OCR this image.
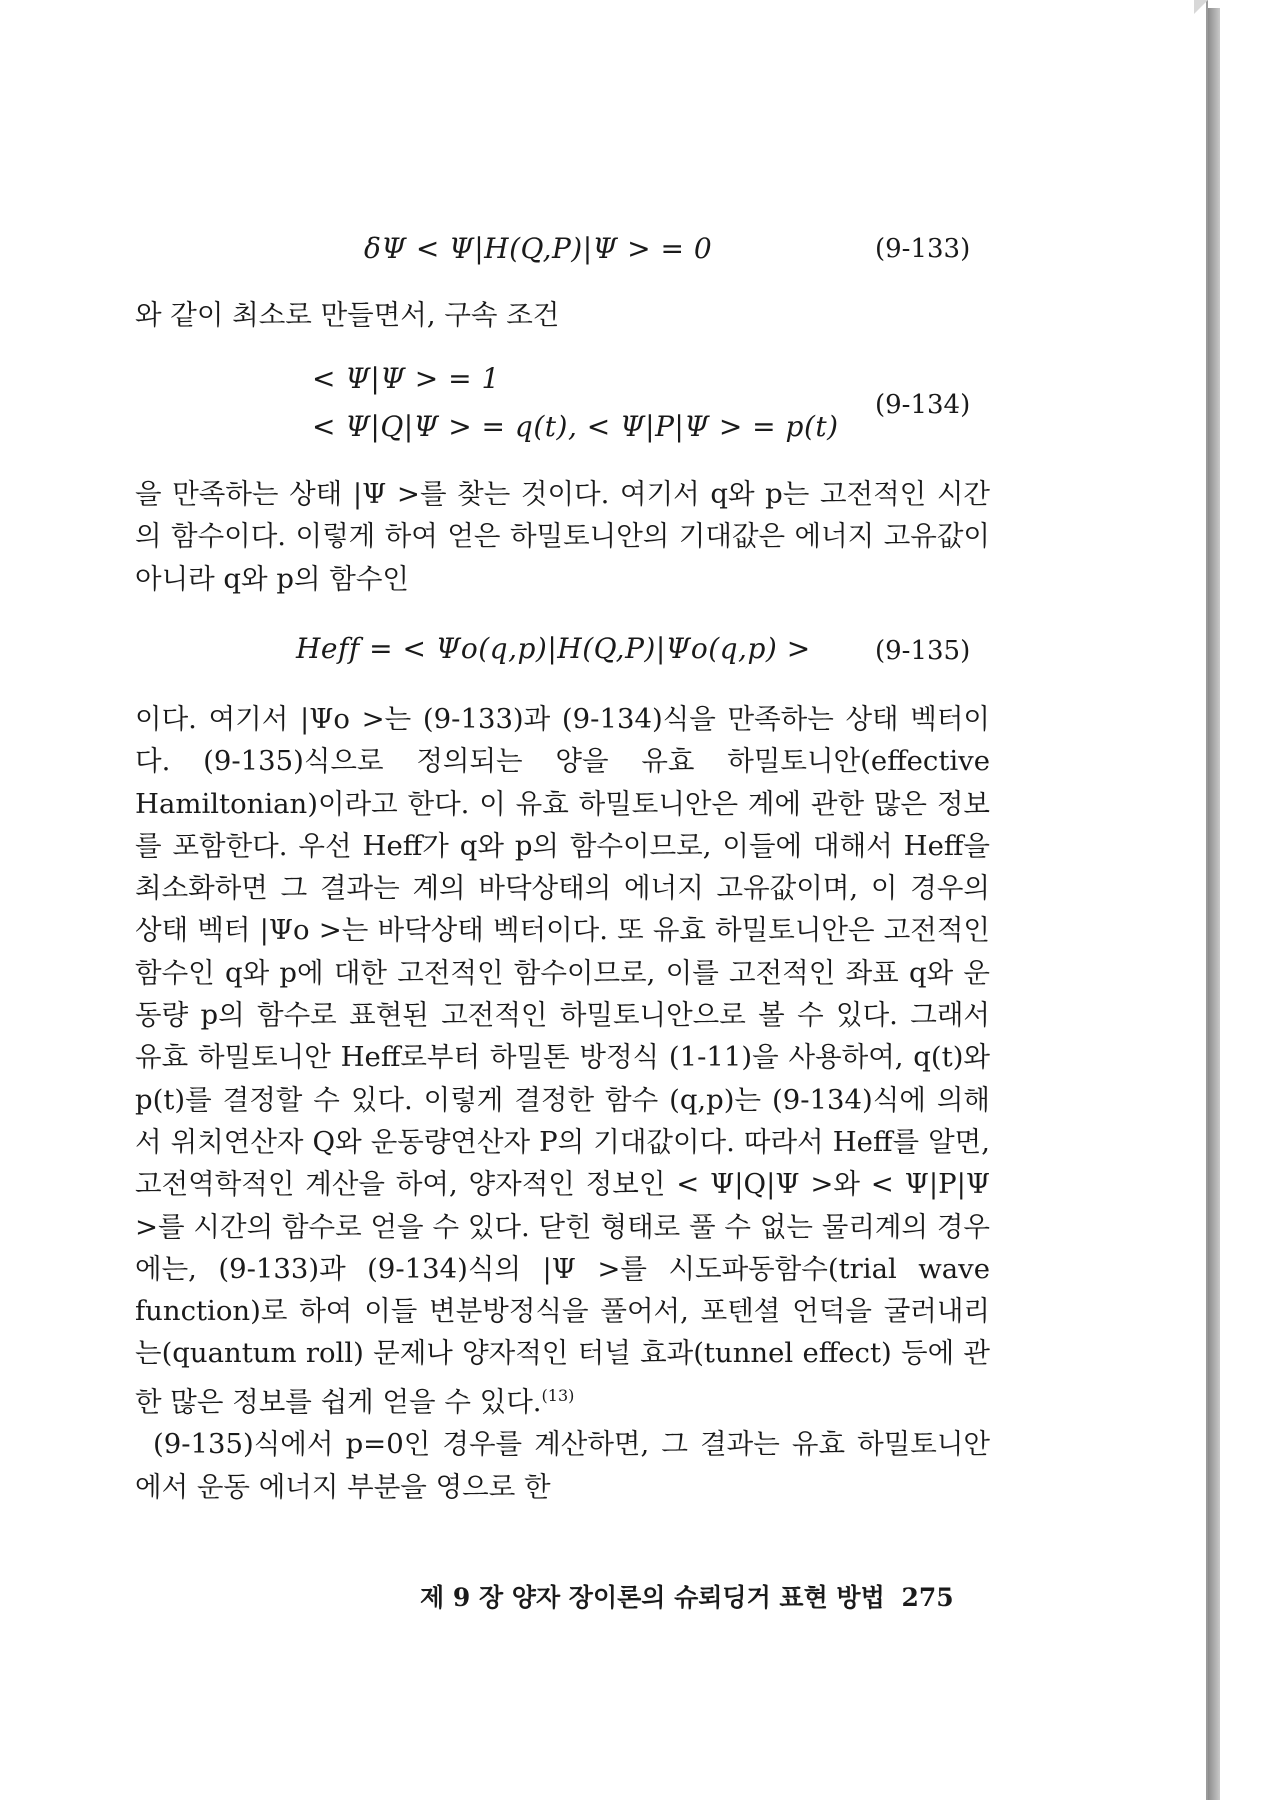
δΨ < Ψ|H(Q,P)|Ψ > = 0	(9-133)

와 같이 최소로 만들면서, 구속 조건

< Ψ|Ψ > = 1
< Ψ|Q|Ψ > = q(t), < Ψ|P|Ψ > = p(t)
(9-134)

을 만족하는 상태 |Ψ >를 찾는 것이다. 여기서 q와 p는 고전적인 시간의 함수이다. 이렇게 하여 얻은 하밀토니안의 기대값은 에너지 고유값이 아니라 q와 p의 함수인

Heff = < Ψo(q,p)|H(Q,P)|Ψo(q,p) > (9-135)

이다. 여기서 |Ψo >는 (9-133)과 (9-134)식을 만족하는 상태 벡터이다. (9-135)식으로 정의되는 양을 유효 하밀토니안(effective Hamiltonian)이라고 한다. 이 유효 하밀토니안은 계에 관한 많은 정보를 포함한다. 우선 Heff가 q와 p의 함수이므로, 이들에 대해서 Heff을 최소화하면 그 결과는 계의 바닥상태의 에너지 고유값이며, 이 경우의 상태 벡터 |Ψo >는 바닥상태 벡터이다. 또 유효 하밀토니안은 고전적인 함수인 q와 p에 대한 고전적인 함수이므로, 이를 고전적인 좌표 q와 운동량 p의 함수로 표현된 고전적인 하밀토니안으로 볼 수 있다. 그래서 유효 하밀토니안 Heff로부터 하밀톤 방정식 (1-11)을 사용하여, q(t)와 p(t)를 결정할 수 있다. 이렇게 결정한 함수 (q,p)는 (9-134)식에 의해서 위치연산자 Q와 운동량연산자 P의 기대값이다. 따라서 Heff를 알면, 고전역학적인 계산을 하여, 양자적인 정보인 < Ψ|Q|Ψ >와 < Ψ|P|Ψ >를 시간의 함수로 얻을 수 있다. 닫힌 형태로 풀 수 없는 물리계의 경우에는, (9-133)과 (9-134)식의 |Ψ >를 시도파동함수(trial wave function)로 하여 이들 변분방정식을 풀어서, 포텐셜 언덕을 굴러내리는(quantum roll) 문제나 양자적인 터널 효과(tunnel effect) 등에 관한 많은 정보를 쉽게 얻을 수 있다.$^{(13)}$

(9-135)식에서 p=0인 경우를 계산하면, 그 결과는 유효 하밀토니안에서 운동 에너지 부분을 영으로 한

제 9 장 양자 장이론의 슈뢰딩거 표현 방법 275
